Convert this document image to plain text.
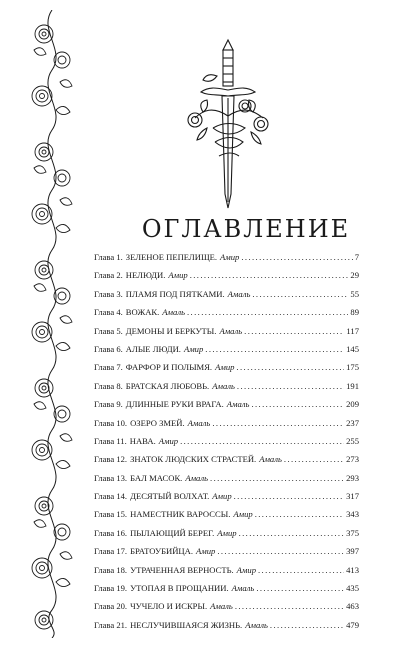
ОГЛАВЛЕНИЕ
Глава 1. ЗЕЛЕНОЕ ПЕПЕЛИЩЕ. Амир .....	7
Глава 2. НЕЛЮДИ. Амир .....	29
Глава 3. ПЛАМЯ ПОД ПЯТКАМИ. Амаль .....	55
Глава 4. ВОЖАК. Амаль .....	89
Глава 5. ДЕМОНЫ И БЕРКУТЫ. Амаль .....	117
Глава 6. АЛЫЕ ЛЮДИ. Амир .....	145
Глава 7. ФАРФОР И ПОЛЫМЯ. Амир .....	175
Глава 8. БРАТСКАЯ ЛЮБОВЬ. Амаль .....	191
Глава 9. ДЛИННЫЕ РУКИ ВРАГА. Амаль .....	209
Глава 10. ОЗЕРО ЗМЕЙ. Амаль .....	237
Глава 11. НАВА. Амир .....	255
Глава 12. ЗНАТОК ЛЮДСКИХ СТРАСТЕЙ. Амаль .....	273
Глава 13. БАЛ МАСОК. Амаль .....	293
Глава 14. ДЕСЯТЫЙ ВОЛХАТ. Амир .....	317
Глава 15. НАМЕСТНИК ВАРОССЫ. Амир .....	343
Глава 16. ПЫЛАЮЩИЙ БЕРЕГ. Амир .....	375
Глава 17. БРАТОУБИЙЦА. Амир .....	397
Глава 18. УТРАЧЕННАЯ ВЕРНОСТЬ. Амир .....	413
Глава 19. УТОПАЯ В ПРОЩАНИИ. Амаль .....	435
Глава 20. ЧУЧЕЛО И ИСКРЫ. Амаль .....	463
Глава 21. НЕСЛУЧИВШАЯСЯ ЖИЗНЬ. Амаль .....	479
